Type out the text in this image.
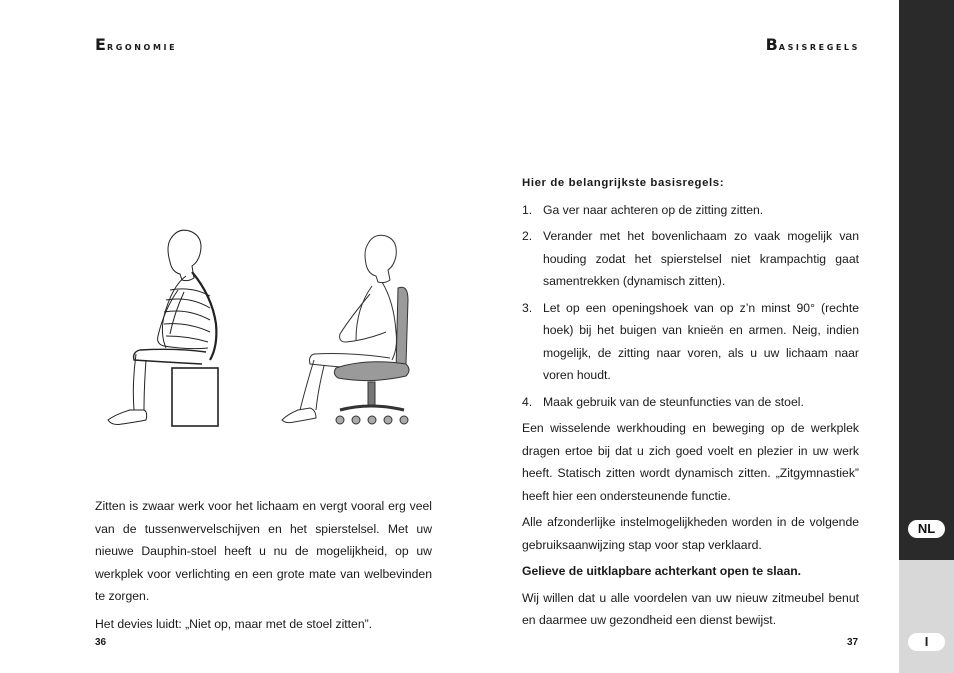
Ergonomie	Basisregels

Zitten is zwaar werk voor het lichaam en vergt vooral erg veel van de tussenwervelschijven en het spierstelsel. Met uw nieuwe Dauphin-stoel heeft u nu de mogelijkheid, op uw werkplek voor verlichting en een grote mate van welbevinden te zorgen.

Het devies luidt: „Niet op, maar met de stoel zitten”.

36

Hier de belangrijkste basisregels:

1. Ga ver naar achteren op de zitting zitten.
2. Verander met het bovenlichaam zo vaak mogelijk van houding zodat het spierstelsel niet krampachtig gaat samentrekken (dynamisch zitten).
3. Let op een openingshoek van op z’n minst 90° (rechte hoek) bij het buigen van knieën en armen. Neig, indien mogelijk, de zitting naar voren, als u uw lichaam naar voren houdt.
4. Maak gebruik van de steunfuncties van de stoel.

Een wisselende werkhouding en beweging op de werkplek dragen ertoe bij dat u zich goed voelt en plezier in uw werk heeft. Statisch zitten wordt dynamisch zitten. „Zitgymnastiek” heeft hier een ondersteunende functie.

Alle afzonderlijke instelmogelijkheden worden in de volgende gebruiksaanwijzing stap voor stap verklaard.

Gelieve de uitklapbare achterkant open te slaan.

Wij willen dat u alle voordelen van uw nieuw zitmeubel benut en daarmee uw gezondheid een dienst bewijst.

37
NL
I
